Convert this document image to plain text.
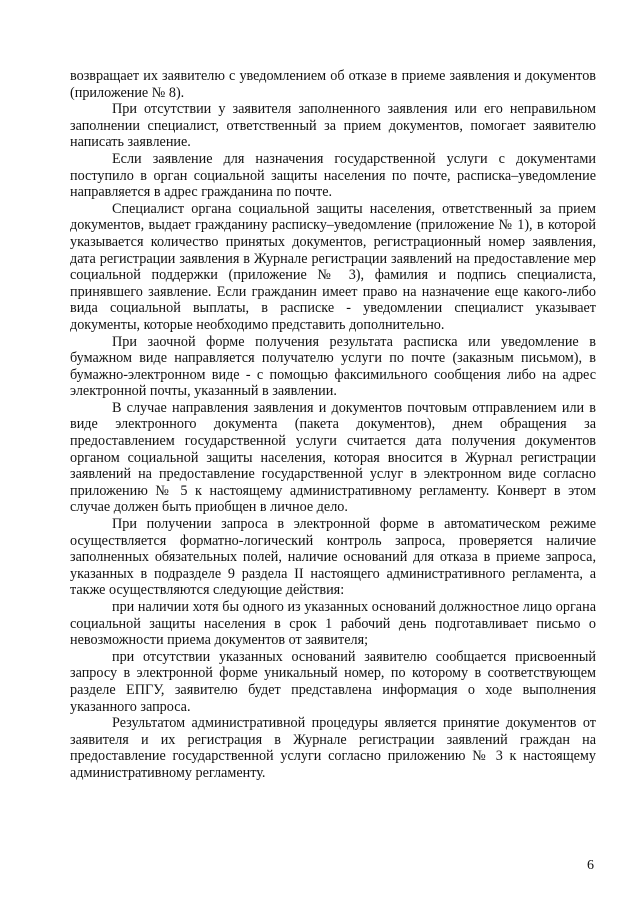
возвращает их заявителю с уведомлением об отказе в приеме заявления и документов (приложение № 8).

При отсутствии у заявителя заполненного заявления или его неправильном заполнении специалист, ответственный за прием документов, помогает заявителю написать заявление.

Если заявление для назначения государственной услуги с документами поступило в орган социальной защиты населения по почте, расписка–уведомление направляется в адрес гражданина по почте.

Специалист органа социальной защиты населения, ответственный за прием документов, выдает гражданину расписку–уведомление (приложение № 1), в которой указывается количество принятых документов, регистрационный номер заявления, дата регистрации заявления в Журнале регистрации заявлений на предоставление мер социальной поддержки (приложение № 3), фамилия и подпись специалиста, принявшего заявление. Если гражданин имеет право на назначение еще какого-либо вида социальной выплаты, в расписке - уведомлении специалист указывает документы, которые необходимо представить дополнительно.

При заочной форме получения результата расписка или уведомление в бумажном виде направляется получателю услуги по почте (заказным письмом), в бумажно-электронном виде - с помощью факсимильного сообщения либо на адрес электронной почты, указанный в заявлении.

В случае направления заявления и документов почтовым отправлением или в виде электронного документа (пакета документов), днем обращения за предоставлением государственной услуги считается дата получения документов органом социальной защиты населения, которая вносится в Журнал регистрации заявлений на предоставление государственной услуг в электронном виде согласно приложению № 5 к настоящему административному регламенту. Конверт в этом случае должен быть приобщен в личное дело.

При получении запроса в электронной форме в автоматическом режиме осуществляется форматно-логический контроль запроса, проверяется наличие заполненных обязательных полей, наличие оснований для отказа в приеме запроса, указанных в подразделе 9 раздела II настоящего административного регламента, а также осуществляются следующие действия:

при наличии хотя бы одного из указанных оснований должностное лицо органа социальной защиты населения в срок 1 рабочий день подготавливает письмо о невозможности приема документов от заявителя;

при отсутствии указанных оснований заявителю сообщается присвоенный запросу в электронной форме уникальный номер, по которому в соответствующем разделе ЕПГУ, заявителю будет представлена информация о ходе выполнения указанного запроса.

Результатом административной процедуры является принятие документов от заявителя и их регистрация в Журнале регистрации заявлений граждан на предоставление государственной услуги согласно приложению № 3 к настоящему административному регламенту.

6
